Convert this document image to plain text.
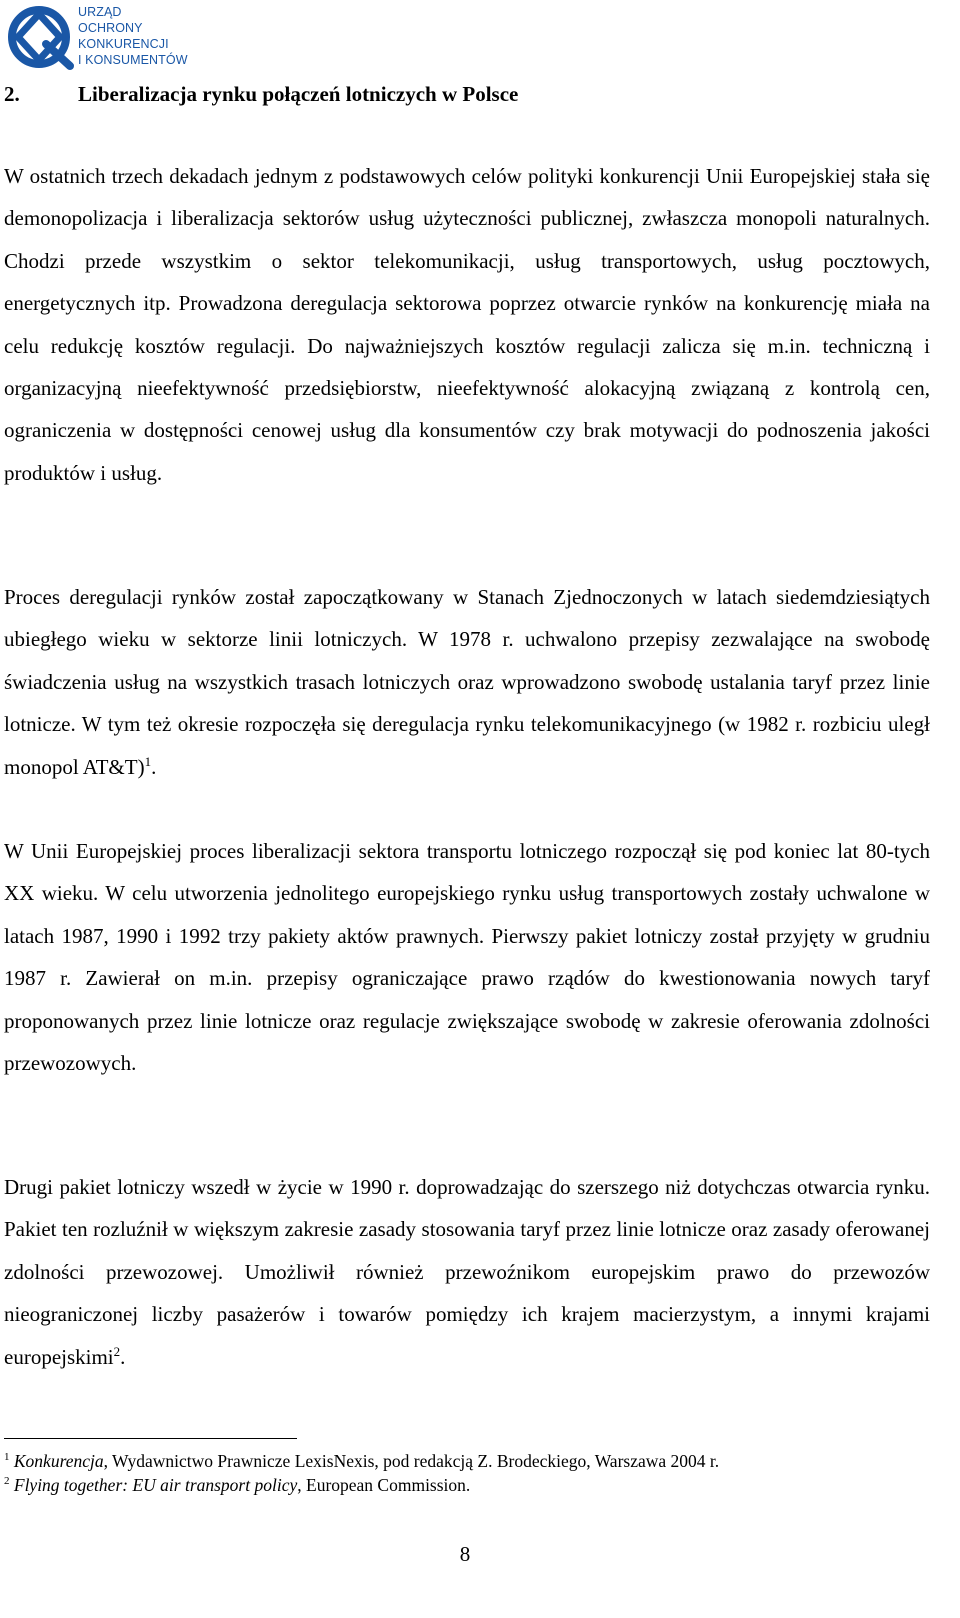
URZĄD
OCHRONY
KONKURENCJI
I KONSUMENTÓW
2.	Liberalizacja rynku połączeń lotniczych w Polsce
W ostatnich trzech dekadach jednym z podstawowych celów polityki konkurencji Unii Europejskiej stała się demonopolizacja i liberalizacja sektorów usług użyteczności publicznej, zwłaszcza monopoli naturalnych. Chodzi przede wszystkim o sektor telekomunikacji, usług transportowych, usług pocztowych, energetycznych itp. Prowadzona deregulacja sektorowa poprzez otwarcie rynków na konkurencję miała na celu redukcję kosztów regulacji. Do najważniejszych kosztów regulacji zalicza się m.in. techniczną i organizacyjną nieefektywność przedsiębiorstw, nieefektywność alokacyjną związaną z kontrolą cen, ograniczenia w dostępności cenowej usług dla konsumentów czy brak motywacji do podnoszenia jakości produktów i usług.
Proces deregulacji rynków został zapoczątkowany w Stanach Zjednoczonych w latach siedemdziesiątych ubiegłego wieku w sektorze linii lotniczych. W 1978 r. uchwalono przepisy zezwalające na swobodę świadczenia usług na wszystkich trasach lotniczych oraz wprowadzono swobodę ustalania taryf przez linie lotnicze. W tym też okresie rozpoczęła się deregulacja rynku telekomunikacyjnego (w 1982 r. rozbiciu uległ monopol AT&T)$^1$.
W Unii Europejskiej proces liberalizacji sektora transportu lotniczego rozpoczął się pod koniec lat 80-tych XX wieku. W celu utworzenia jednolitego europejskiego rynku usług transportowych zostały uchwalone w latach 1987, 1990 i 1992 trzy pakiety aktów prawnych. Pierwszy pakiet lotniczy został przyjęty w grudniu 1987 r. Zawierał on m.in. przepisy ograniczające prawo rządów do kwestionowania nowych taryf proponowanych przez linie lotnicze oraz regulacje zwiększające swobodę w zakresie oferowania zdolności przewozowych.
Drugi pakiet lotniczy wszedł w życie w 1990 r. doprowadzając do szerszego niż dotychczas otwarcia rynku. Pakiet ten rozluźnił w większym zakresie zasady stosowania taryf przez linie lotnicze oraz zasady oferowanej zdolności przewozowej. Umożliwił również przewoźnikom europejskim prawo do przewozów nieograniczonej liczby pasażerów i towarów pomiędzy ich krajem macierzystym, a innymi krajami europejskimi$^2$.
$^1$ Konkurencja, Wydawnictwo Prawnicze LexisNexis, pod redakcją Z. Brodeckiego, Warszawa 2004 r.
$^2$ Flying together: EU air transport policy, European Commission.
8
